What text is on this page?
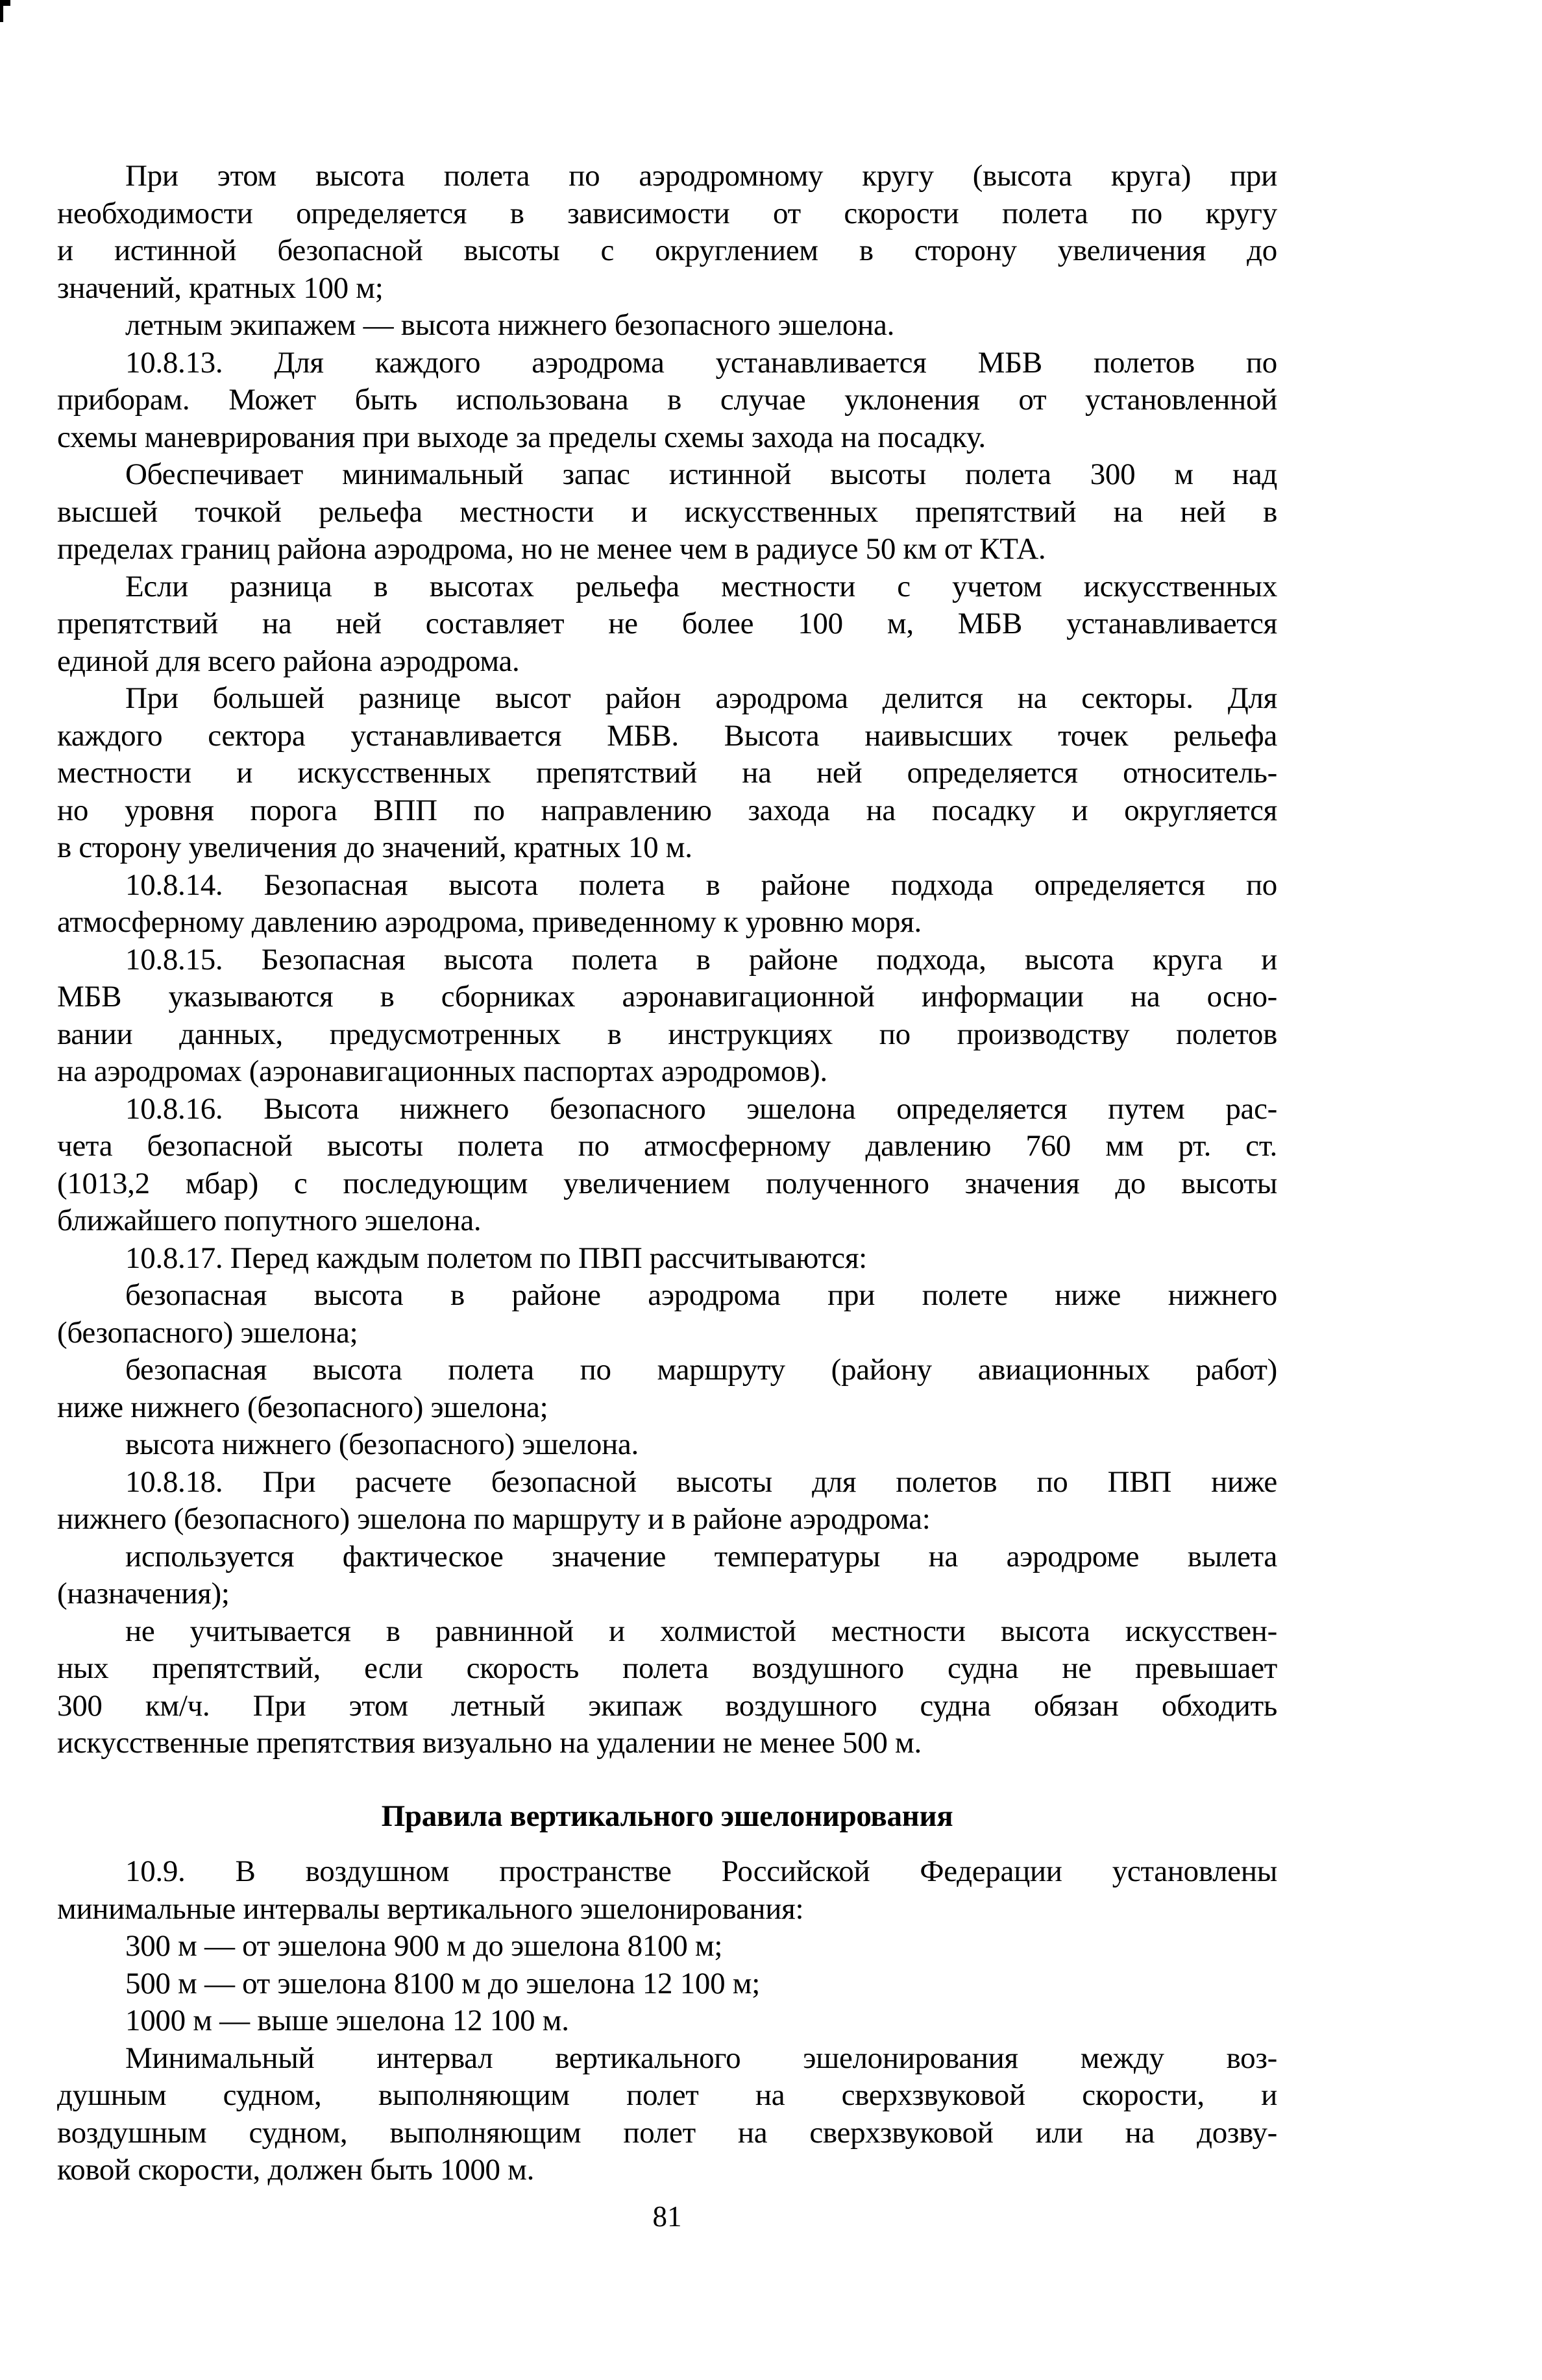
При этом высота полета по аэродромному кругу (высота круга) при
необходимости определяется в зависимости от скорости полета по кругу
и истинной безопасной высоты с округлением в сторону увеличения до
значений, кратных 100 м;
летным экипажем — высота нижнего безопасного эшелона.
10.8.13. Для каждого аэродрома устанавливается МБВ полетов по
приборам. Может быть использована в случае уклонения от установленной
схемы маневрирования при выходе за пределы схемы захода на посадку.
Обеспечивает минимальный запас истинной высоты полета 300 м над
высшей точкой рельефа местности и искусственных препятствий на ней в
пределах границ района аэродрома, но не менее чем в радиусе 50 км от КТА.
Если разница в высотах рельефа местности с учетом искусственных
препятствий на ней составляет не более 100 м, МБВ устанавливается
единой для всего района аэродрома.
При большей разнице высот район аэродрома делится на секторы. Для
каждого сектора устанавливается МБВ. Высота наивысших точек рельефа
местности и искусственных препятствий на ней определяется относитель-
но уровня порога ВПП по направлению захода на посадку и округляется
в сторону увеличения до значений, кратных 10 м.
10.8.14. Безопасная высота полета в районе подхода определяется по
атмосферному давлению аэродрома, приведенному к уровню моря.
10.8.15. Безопасная высота полета в районе подхода, высота круга и
МБВ указываются в сборниках аэронавигационной информации на осно-
вании данных, предусмотренных в инструкциях по производству полетов
на аэродромах (аэронавигационных паспортах аэродромов).
10.8.16. Высота нижнего безопасного эшелона определяется путем рас-
чета безопасной высоты полета по атмосферному давлению 760 мм рт. ст.
(1013,2 мбар) с последующим увеличением полученного значения до высоты
ближайшего попутного эшелона.
10.8.17. Перед каждым полетом по ПВП рассчитываются:
безопасная высота в районе аэродрома при полете ниже нижнего
(безопасного) эшелона;
безопасная высота полета по маршруту (району авиационных работ)
ниже нижнего (безопасного) эшелона;
высота нижнего (безопасного) эшелона.
10.8.18. При расчете безопасной высоты для полетов по ПВП ниже
нижнего (безопасного) эшелона по маршруту и в районе аэродрома:
используется фактическое значение температуры на аэродроме вылета
(назначения);
не учитывается в равнинной и холмистой местности высота искусствен-
ных препятствий, если скорость полета воздушного судна не превышает
300 км/ч. При этом летный экипаж воздушного судна обязан обходить
искусственные препятствия визуально на удалении не менее 500 м.
Правила вертикального эшелонирования
10.9. В воздушном пространстве Российской Федерации установлены
минимальные интервалы вертикального эшелонирования:
300 м — от эшелона 900 м до эшелона 8100 м;
500 м — от эшелона 8100 м до эшелона 12 100 м;
1000 м — выше эшелона 12 100 м.
Минимальный интервал вертикального эшелонирования между воз-
душным судном, выполняющим полет на сверхзвуковой скорости, и
воздушным судном, выполняющим полет на сверхзвуковой или на дозву-
ковой скорости, должен быть 1000 м.
81
